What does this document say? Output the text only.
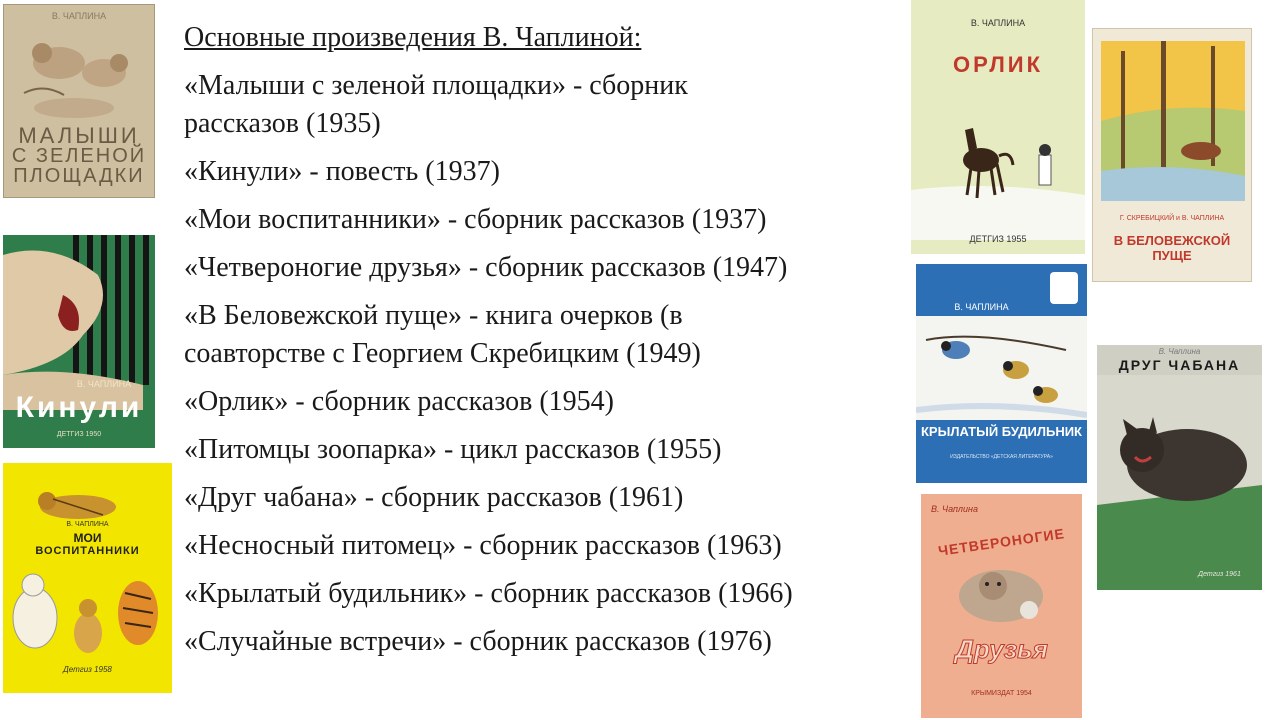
В. ЧАПЛИНА
МАЛЫШИ
С ЗЕЛЕНОЙ
ПЛОЩАДКИ
В. ЧАПЛИНА
Кинули
ДЕТГИЗ 1950
В. ЧАПЛИНА
МОИ
ВОСПИТАННИКИ
Детгиз 1958
Основные произведения В. Чаплиной:
«Малыши с зеленой площадки» - сборник
рассказов (1935)
«Кинули» - повесть (1937)
«Мои воспитанники» - сборник рассказов (1937)
«Четвероногие друзья» - сборник рассказов (1947)
«В Беловежской пуще» - книга очерков (в
соавторстве с Георгием Скребицким (1949)
«Орлик» - сборник рассказов (1954)
«Питомцы зоопарка» - цикл рассказов (1955)
«Друг чабана» - сборник рассказов (1961)
«Несносный питомец» - сборник рассказов (1963)
«Крылатый будильник» - сборник рассказов (1966)
«Случайные встречи» - сборник рассказов (1976)
В. ЧАПЛИНА
ОРЛИК
ДЕТГИЗ 1955
Г. СКРЕБИЦКИЙ и В. ЧАПЛИНА
В БЕЛОВЕЖСКОЙ ПУЩЕ
В. ЧАПЛИНА
КРЫЛАТЫЙ БУДИЛЬНИК
ИЗДАТЕЛЬСТВО «ДЕТСКАЯ ЛИТЕРАТУРА»
В. Чаплина
ДРУГ ЧАБАНА
Детгиз 1961
В. Чаплина
ЧЕТВЕРОНОГИЕ
Друзья
КРЫМИЗДАТ 1954
